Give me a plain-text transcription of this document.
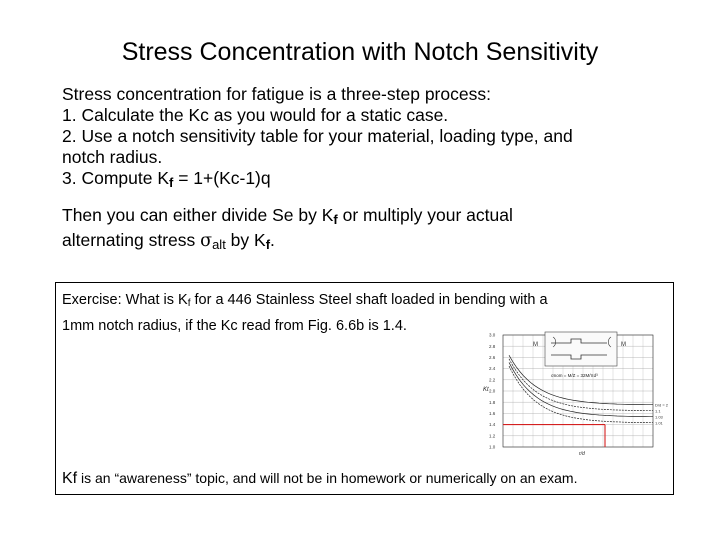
Stress Concentration with Notch Sensitivity
Stress concentration for fatigue is a three-step process:
1. Calculate the Kc as you would for a static case.
2. Use a notch sensitivity table for your material, loading type, and
notch radius.
3. Compute $K_f = 1+(Kc-1)q$
Then you can either divide Se by $K_f$ or multiply your actual
alternating stress σalt by $K_f$.
Exercise: What is Kf for a 446 Stainless Steel shaft loaded in bending with a
1mm notch radius, if the Kc read from Fig. 6.6b is 1.4.
M	M
σnom = M/Z = 32M/πd³
3.0
2.8
2.6
2.4
2.2
2.0
1.8
1.6
1.4
1.2
1.0
Kt
r/d
D/d = 2
1.1
1.03
1.01
Kf is an “awareness” topic, and will not be in homework or numerically on an exam.
